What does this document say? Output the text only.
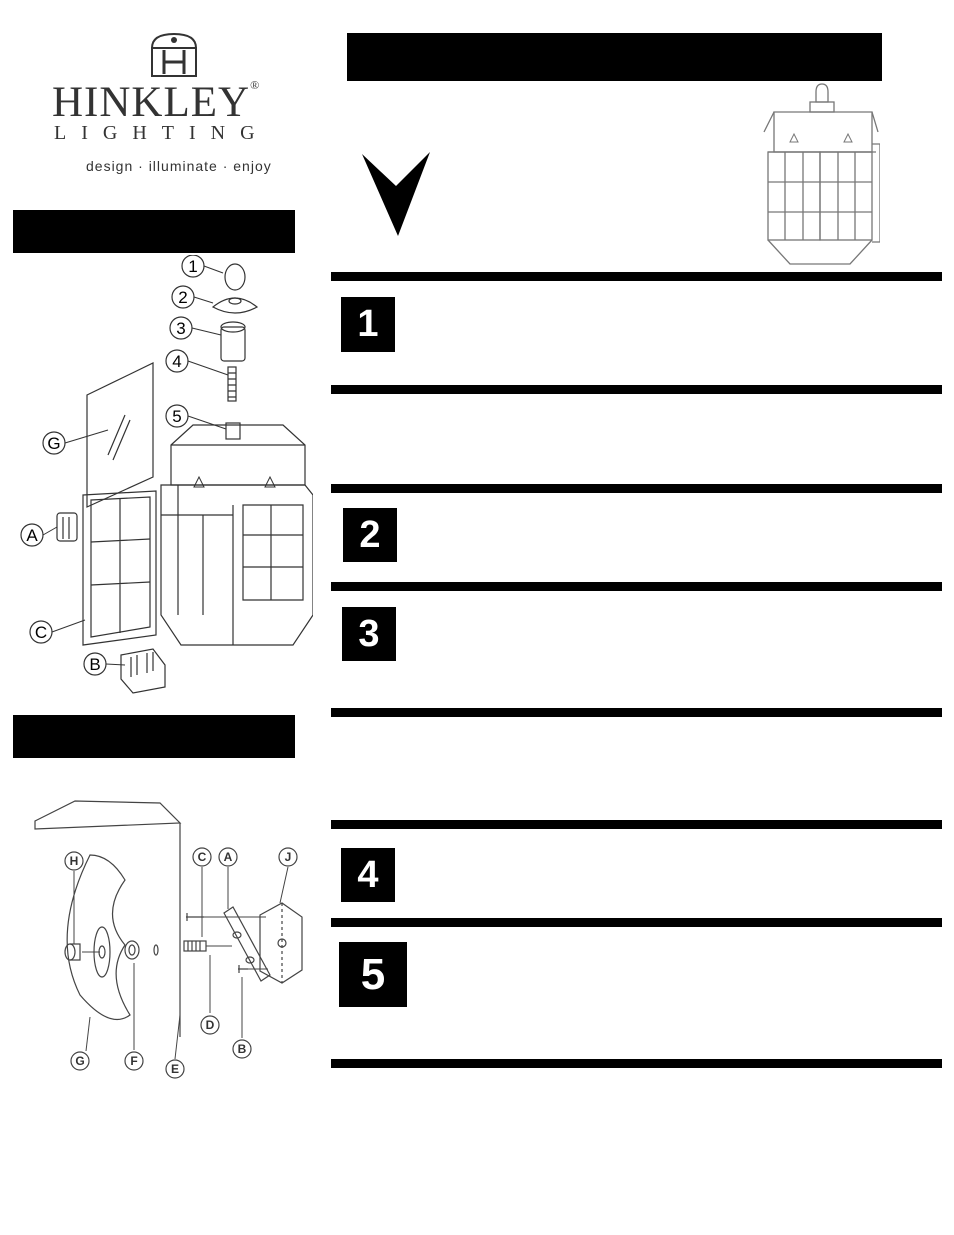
HINKLEY®
LIGHTING
design · illuminate · enjoy
1
2
3
4
5
1
2
3
4
5
G
A
C
B
H	C A	J
G	F
E
D
B
